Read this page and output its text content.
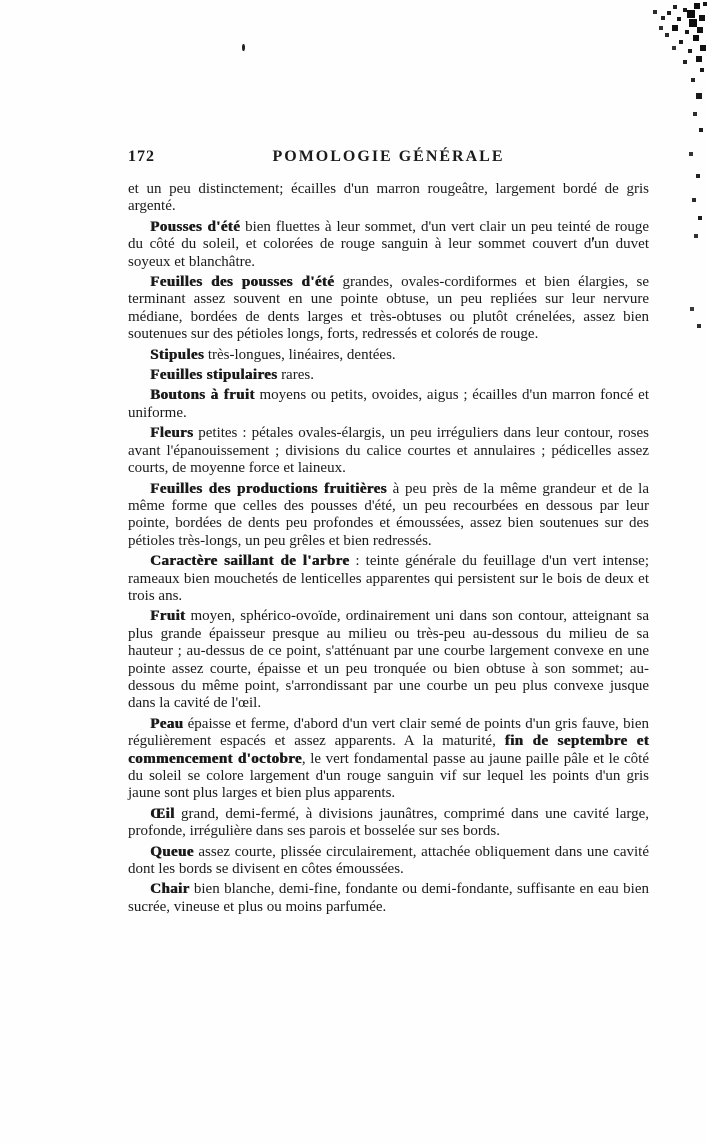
172	POMOLOGIE GÉNÉRALE

et un peu distinctement; écailles d'un marron rougeâtre, largement bordé de gris argenté.

Pousses d'été bien fluettes à leur sommet, d'un vert clair un peu teinté de rouge du côté du soleil, et colorées de rouge sanguin à leur sommet couvert d'un duvet soyeux et blanchâtre.

Feuilles des pousses d'été grandes, ovales-cordiformes et bien élargies, se terminant assez souvent en une pointe obtuse, un peu repliées sur leur nervure médiane, bordées de dents larges et très-obtuses ou plutôt crénelées, assez bien soutenues sur des pétioles longs, forts, redressés et colorés de rouge.

Stipules très-longues, linéaires, dentées.

Feuilles stipulaires rares.

Boutons à fruit moyens ou petits, ovoides, aigus ; écailles d'un marron foncé et uniforme.

Fleurs petites : pétales ovales-élargis, un peu irréguliers dans leur contour, roses avant l'épanouissement ; divisions du calice courtes et annulaires ; pédicelles assez courts, de moyenne force et laineux.

Feuilles des productions fruitières à peu près de la même grandeur et de la même forme que celles des pousses d'été, un peu recourbées en dessous par leur pointe, bordées de dents peu profondes et émoussées, assez bien soutenues sur des pétioles très-longs, un peu grêles et bien redressés.

Caractère saillant de l'arbre : teinte générale du feuillage d'un vert intense; rameaux bien mouchetés de lenticelles apparentes qui persistent sur le bois de deux et trois ans.

Fruit moyen, sphérico-ovoïde, ordinairement uni dans son contour, atteignant sa plus grande épaisseur presque au milieu ou très-peu au-dessous du milieu de sa hauteur ; au-dessus de ce point, s'atténuant par une courbe largement convexe en une pointe assez courte, épaisse et un peu tronquée ou bien obtuse à son sommet; au-dessous du même point, s'arrondissant par une courbe un peu plus convexe jusque dans la cavité de l'œil.

Peau épaisse et ferme, d'abord d'un vert clair semé de points d'un gris fauve, bien régulièrement espacés et assez apparents. A la maturité, fin de septembre et commencement d'octobre, le vert fondamental passe au jaune paille pâle et le côté du soleil se colore largement d'un rouge sanguin vif sur lequel les points d'un gris jaune sont plus larges et bien plus apparents.

Œil grand, demi-fermé, à divisions jaunâtres, comprimé dans une cavité large, profonde, irrégulière dans ses parois et bosselée sur ses bords.

Queue assez courte, plissée circulairement, attachée obliquement dans une cavité dont les bords se divisent en côtes émoussées.

Chair bien blanche, demi-fine, fondante ou demi-fondante, suffisante en eau bien sucrée, vineuse et plus ou moins parfumée.
